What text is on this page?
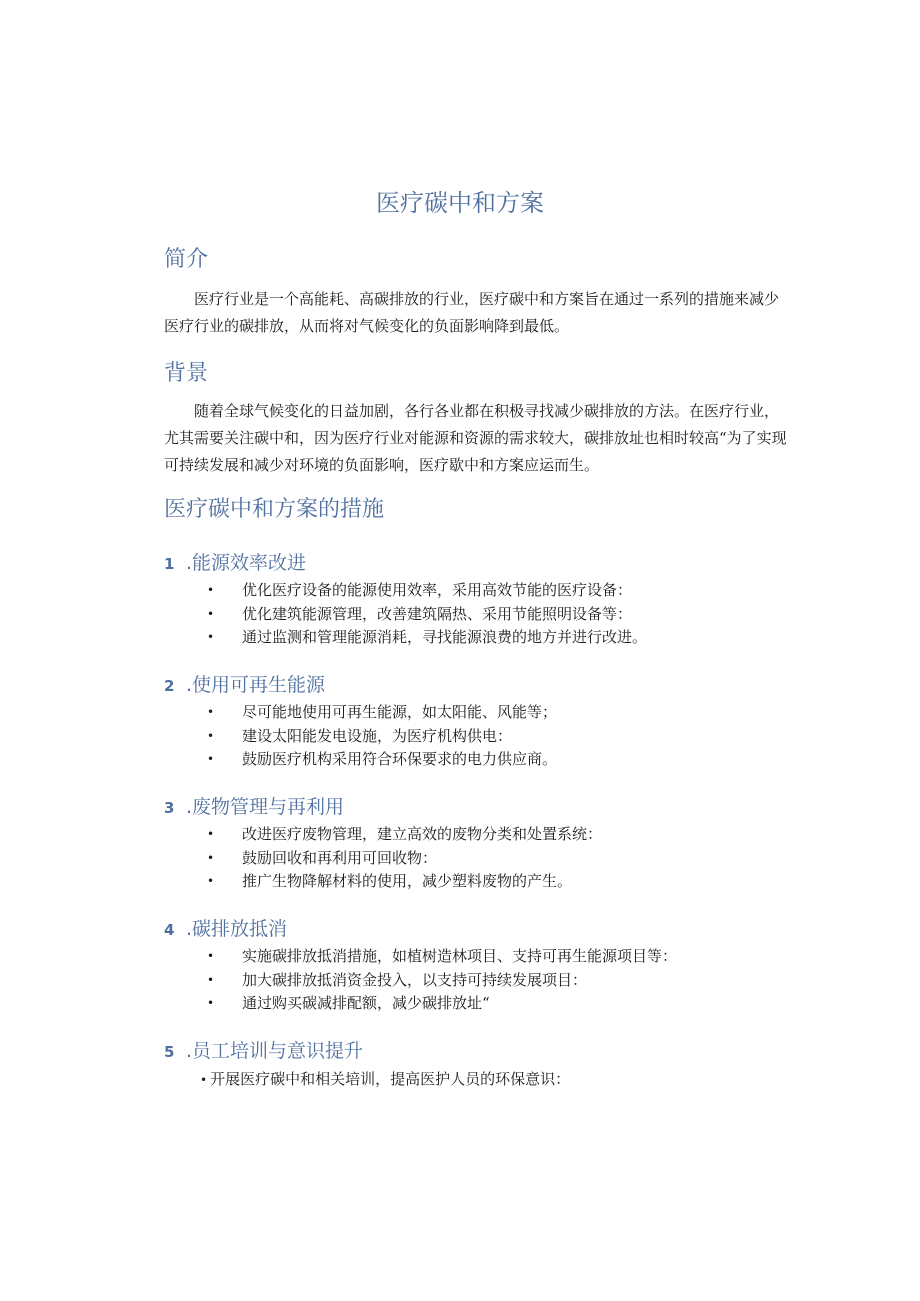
医疗碳中和方案
简介

  医疗行业是一个高能耗、高碳排放的行业，医疗碳中和方案旨在通过一系列的措施来减少医疗行业的碳排放，从而将对气候变化的负面影响降到最低。

背景

  随着全球气候变化的日益加剧，各行各业都在积极寻找减少碳排放的方法。在医疗行业，尤其需要关注碳中和，因为医疗行业对能源和资源的需求较大，碳排放址也相时较高“为了实现可持续发展和减少对环境的负面影响，医疗歇中和方案应运而生。

医疗碳中和方案的措施
1 .能源效率改进
• 优化医疗设备的能源使用效率，采用高效节能的医疗设备：
• 优化建筑能源管理，改善建筑隔热、采用节能照明设备等：
• 通过监测和管理能源消耗，寻找能源浪费的地方并进行改进。
2 .使用可再生能源
• 尽可能地使用可再生能源，如太阳能、风能等；
• 建设太阳能发电设施，为医疗机构供电：
• 鼓励医疗机构采用符合环保要求的电力供应商。
3 .废物管理与再利用
• 改进医疗废物管理，建立高效的废物分类和处置系统：
• 鼓励回收和再利用可回收物：
• 推广生物降解材料的使用，减少塑料废物的产生。
4 .碳排放抵消
• 实施碳排放抵消措施，如植树造林项目、支持可再生能源项目等：
• 加大碳排放抵消资金投入，以支持可持续发展项目：
• 通过购买碳减排配额，减少碳排放址“
5 .员工培训与意识提升
• 开展医疗碳中和相关培训，提高医护人员的环保意识：
